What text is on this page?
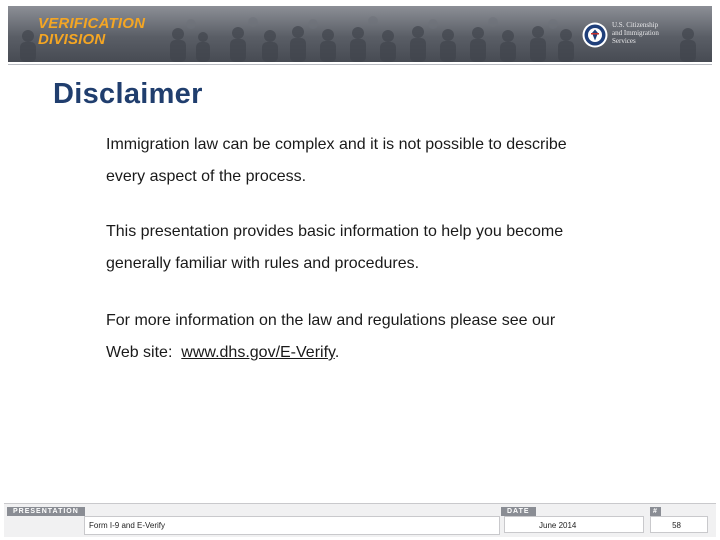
VERIFICATION
DIVISION
U.S. Citizenship
and Immigration
Services
Disclaimer
Immigration law can be complex and it is not possible to describe
every aspect of the process.
This presentation provides basic information to help you become
generally familiar with rules and procedures.
For more information on the law and regulations please see our
Web site:  www.dhs.gov/E-Verify.
PRESENTATION
Form I-9 and E-Verify
DATE
June 2014
#
58
